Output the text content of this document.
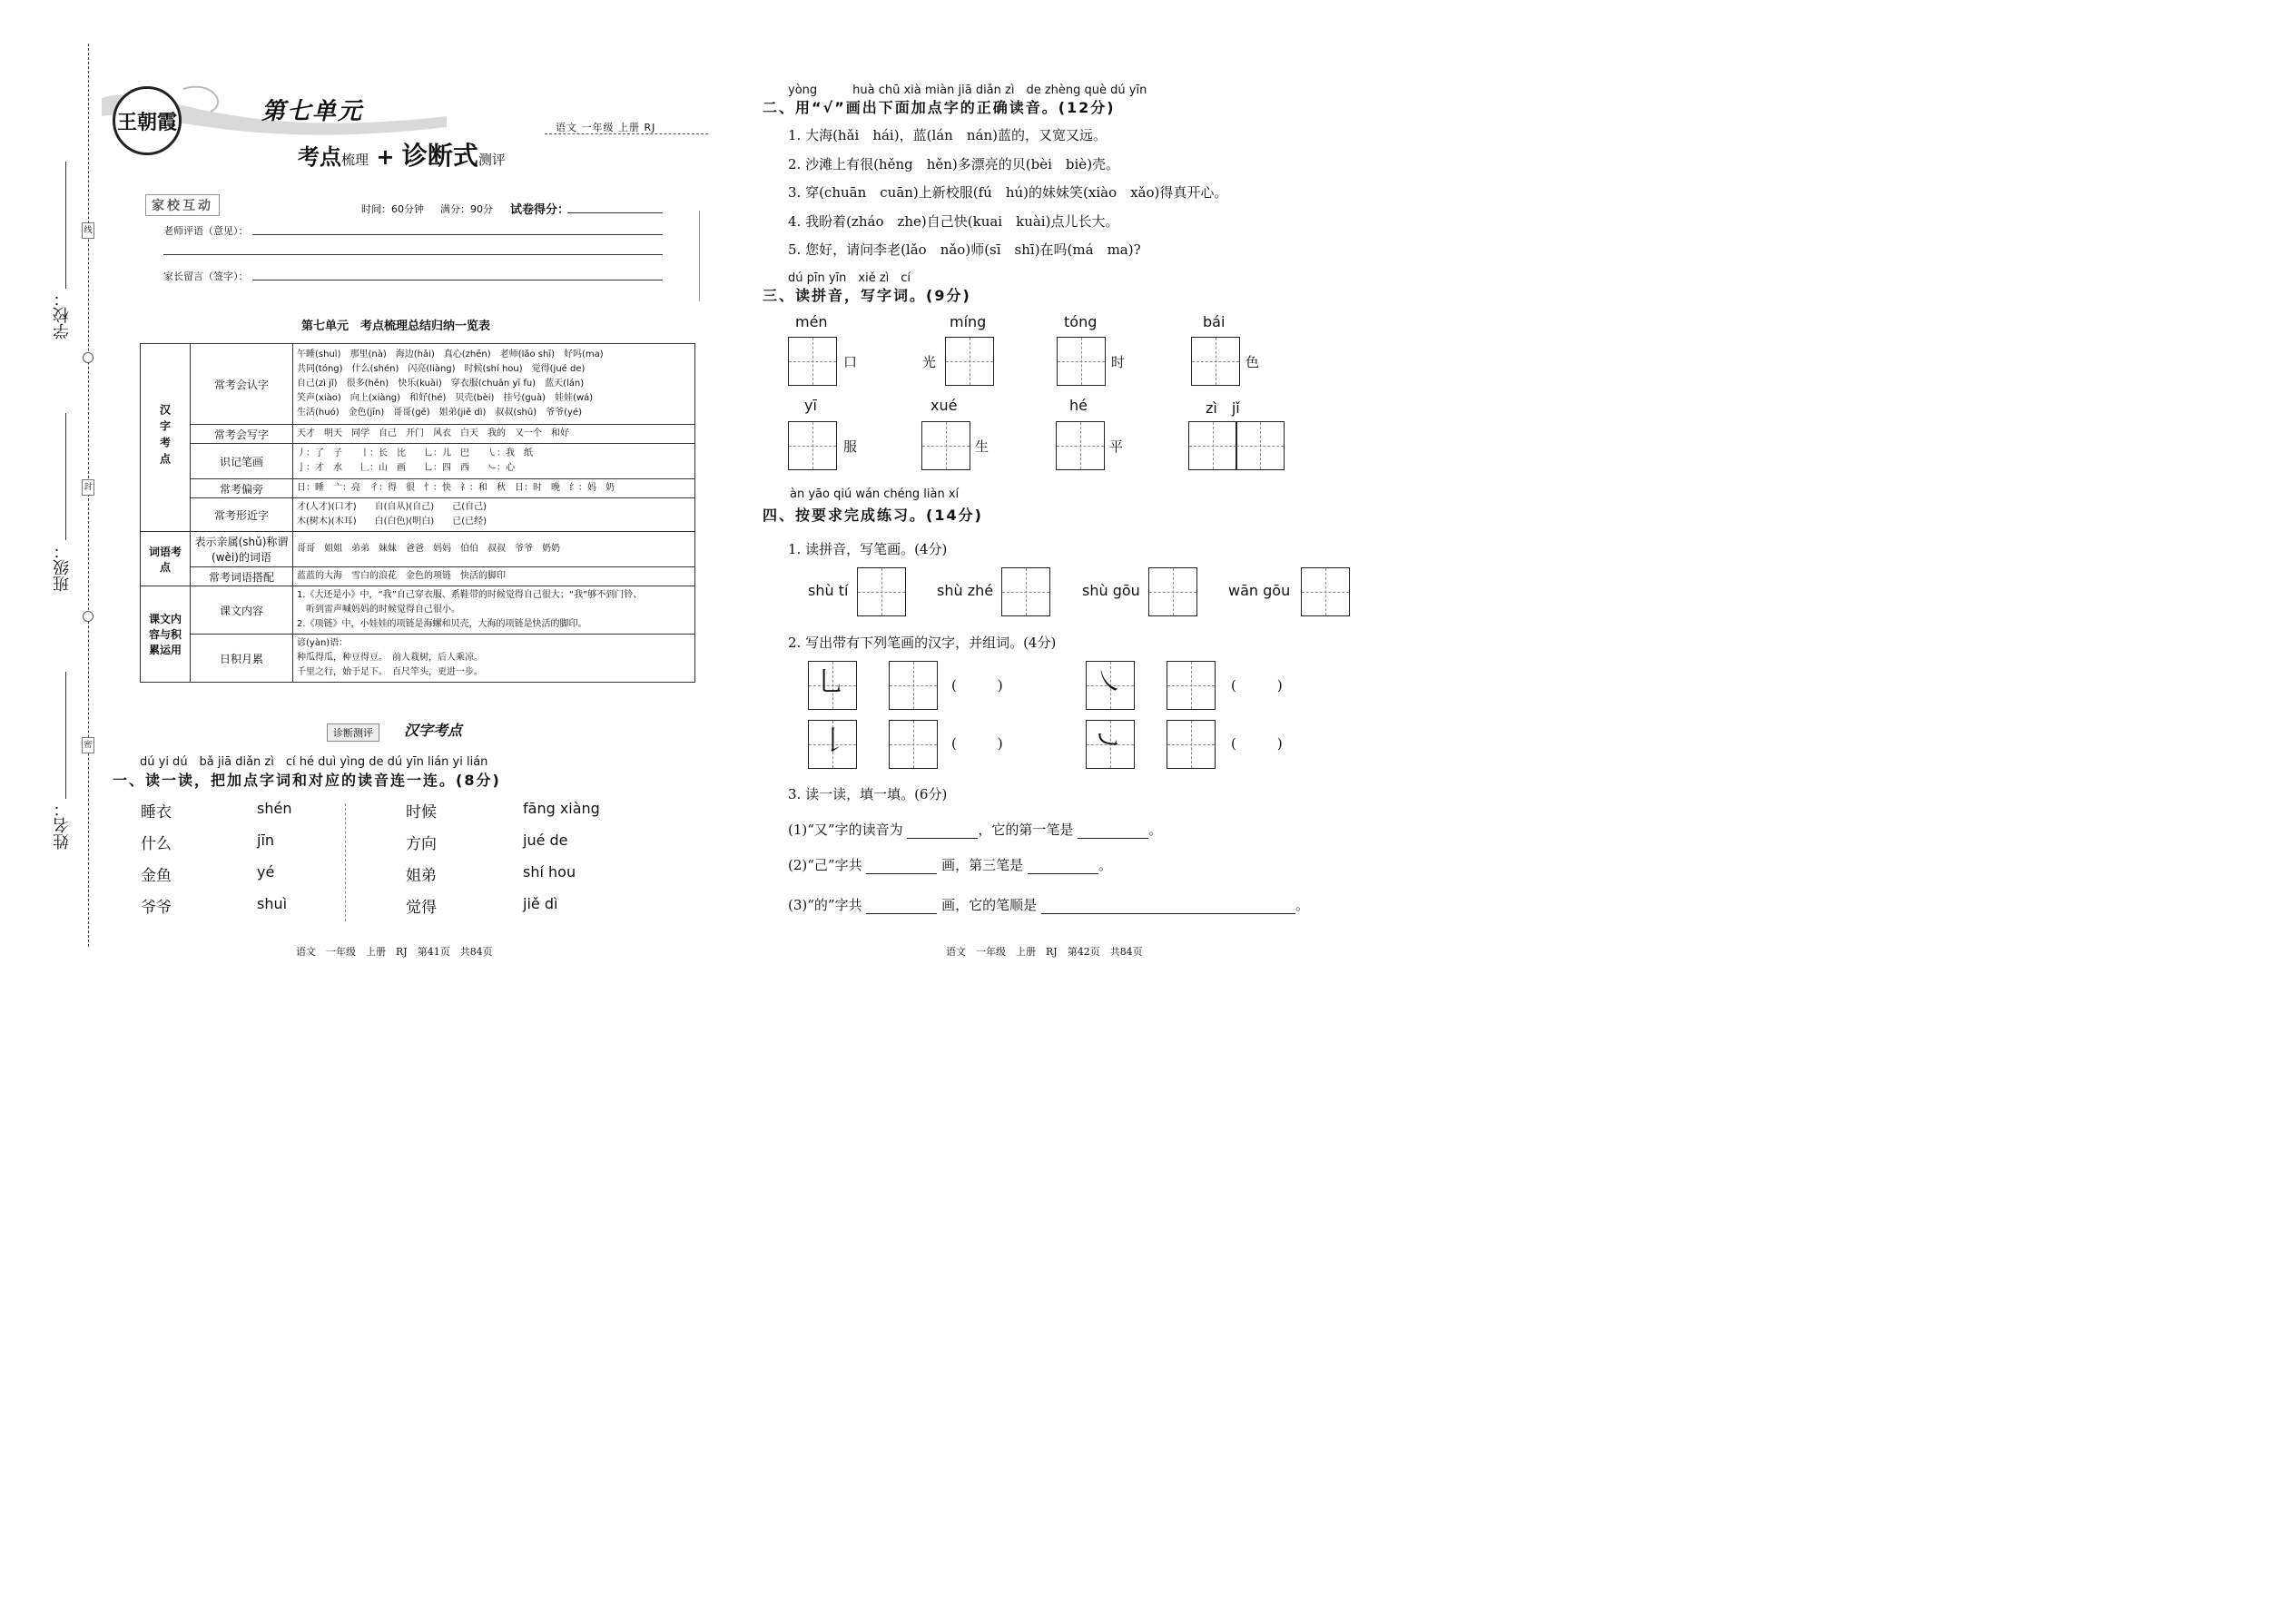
线
封
密
学校：
班级：
姓名：
王朝霞	第七单元
考点梳理 + 诊断式测评
语文 一年级 上册 RJ
家校互动	时间：60分钟 满分：90分 试卷得分：
老师评语（意见）：
家长留言（签字）：
第七单元　考点梳理总结归纳一览表
汉字考点	常考会认字	午睡(shuì)　那里(nà)　海边(hǎi)　真心(zhēn)　老师(lǎo shī)　好吗(ma)
共同(tóng)　什么(shén)　闪亮(liàng)　时候(shí hou)　觉得(jué de)
自己(zì jǐ)　很多(hěn)　快乐(kuài)　穿衣服(chuān yī fu)　蓝天(lán)
笑声(xiào)　向上(xiàng)　和好(hé)　贝壳(bèi)　挂号(guà)　娃娃(wá)
生活(huó)　金色(jīn)　哥哥(gē)　姐弟(jiě dì)　叔叔(shū)　爷爷(yé)

	常考会写字	天才　明天　同学　自己　开门　风衣　白天　我的　又一个　和好

	识记笔画	丿：了　子　　丨：长　比　　乚：儿　巴　　㇂：我　纸
亅：才　水　　𠃊：山　画　　乚：四　西　　㇃：心

	常考偏旁	日：睡　亠：亮　彳：得　很　忄：快　礻：和　秋　日：时　晚　纟：妈　奶

	常考形近字	才(人才)(口才)　　自(自从)(自己)　　己(自己)
木(树木)(木耳)　　白(白色)(明白)　　已(已经)

词语考点	表示亲属(shǔ)称谓(wèi)的词语	哥哥　姐姐　弟弟　妹妹　爸爸　妈妈　伯伯　叔叔　爷爷　奶奶

	常考词语搭配	蓝蓝的大海　雪白的浪花　金色的项链　快活的脚印

课文内容与积累运用	课文内容	1.《大还是小》中，“我”自己穿衣服、系鞋带的时候觉得自己很大；“我”够不到门铃、
　听到雷声喊妈妈的时候觉得自己很小。
2.《项链》中，小娃娃的项链是海螺和贝壳，大海的项链是快活的脚印。

	日积月累	谚(yàn)语：
种瓜得瓜，种豆得豆。　前人栽树，后人乘凉。
千里之行，始于足下。　百尺竿头，更进一步。
诊断测评	汉字考点
dú yi dú　bǎ jiā diǎn zì　cí hé duì yìng de dú yīn lián yi lián
一、读一读，把加点字词和对应的读音连一连。(8分)
睡衣
什么
金鱼
爷爷
shén
jīn
yé
shuì
时候
方向
姐弟
觉得
fāng xiàng
jué de
shí hou
jiě dì
语文　一年级　上册　RJ　第41页　共84页	语文　一年级　上册　RJ　第42页　共84页
yòng　　　huà chū xià miàn jiā diǎn zì　de zhèng què dú yīn
二、用“√”画出下面加点字的正确读音。(12分)
1. 大海(hǎi　hái)，蓝(lán　nán)蓝的，又宽又远。
2. 沙滩上有很(hěng　hěn)多漂亮的贝(bèi　biè)壳。
3. 穿(chuān　cuān)上新校服(fú　hú)的妹妹笑(xiào　xǎo)得真开心。
4. 我盼着(zháo　zhe)自己快(kuai　kuài)点儿长大。
5. 您好，请问李老(lǎo　nǎo)师(sī　shī)在吗(má　ma)?
dú pīn yīn　xiě zì　cí
三、读拼音，写字词。(9分)
mén
口
míng
光
tóng
时
bái
色
yī
服
xué
生
hé
平
zì　jǐ
àn yāo qiú wán chéng liàn xí
四、按要求完成练习。(14分)
1. 读拼音，写笔画。(4分)
shù tí	shù zhé	shù gōu	wān gōu
2. 写出带有下列笔画的汉字，并组词。(4分)
乚	(　　　)	㇏	(　　　)
𠄌	(　　　)	㇃	(　　　)
3. 读一读，填一填。(6分)
(1)“又”字的读音为	，它的第一笔是	。
(2)“己”字共	画，第三笔是	。
(3)“的”字共	画，它的笔顺是	。
